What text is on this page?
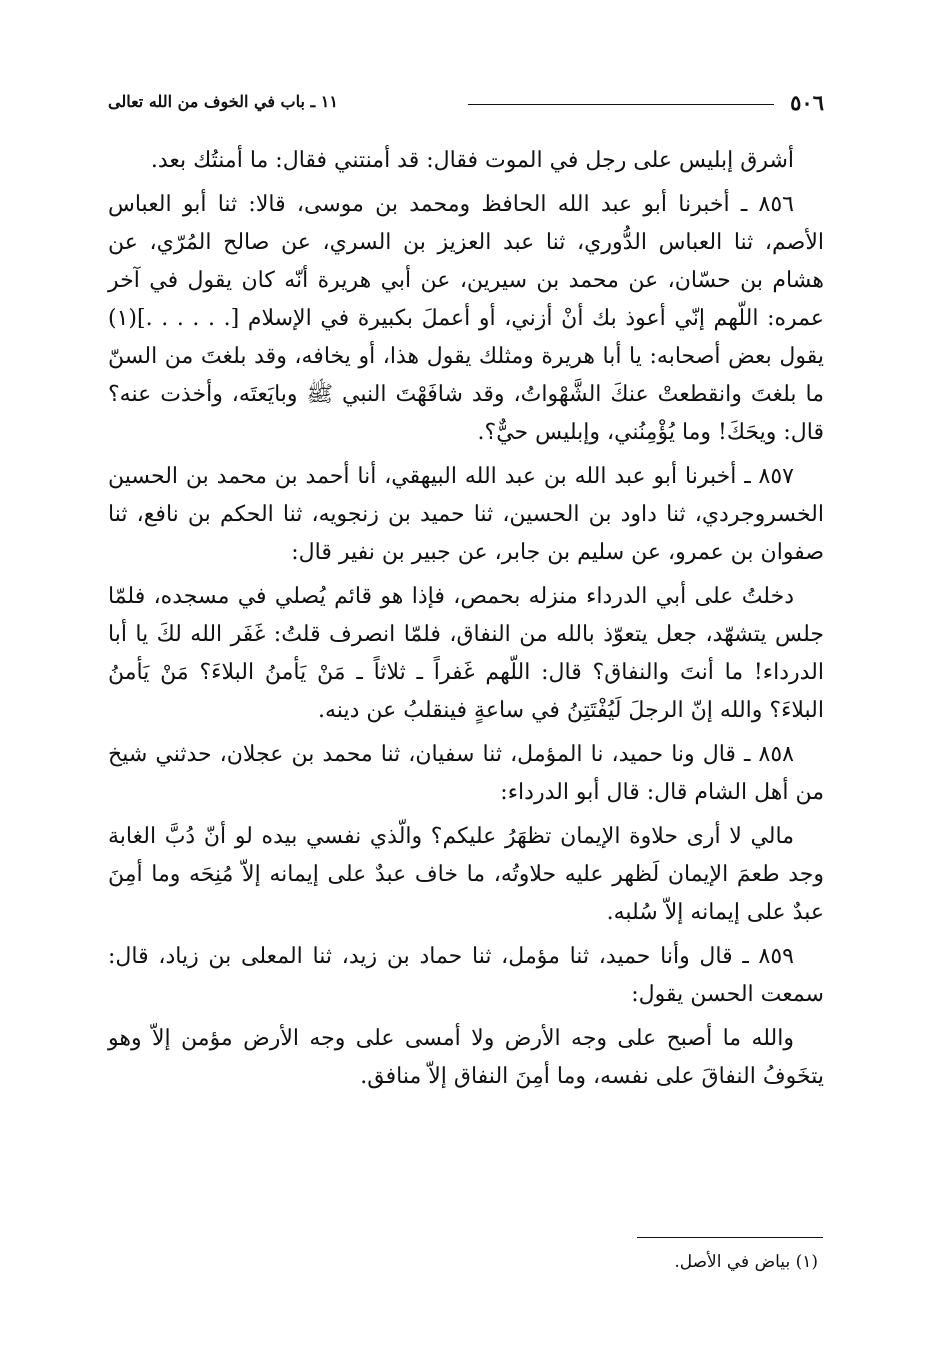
٥٠٦
١١ ـ باب في الخوف من الله تعالى

أشرق إبليس على رجل في الموت فقال: قد أمنتني فقال: ما أمنتُك بعد.

٨٥٦ ـ أخبرنا أبو عبد الله الحافظ ومحمد بن موسى، قالا: ثنا أبو العباس الأصم، ثنا العباس الدُّوري، ثنا عبد العزيز بن السري، عن صالح المُرّي، عن هشام بن حسّان، عن محمد بن سيرين، عن أبي هريرة أنّه كان يقول في آخر عمره: اللّهم إنّي أعوذ بك أنْ أزني، أو أعملَ بكبيرة في الإسلام [. . . . . .](١) يقول بعض أصحابه: يا أبا هريرة ومثلك يقول هذا، أو يخافه، وقد بلغتَ من السنّ ما بلغتَ وانقطعتْ عنكَ الشَّهْواتُ، وقد شافَهْتَ النبي ﷺ وبايَعتَه، وأخذت عنه؟ قال: ويحَكَ! وما يُؤْمِنُني، وإبليس حيٌّ؟.

٨٥٧ ـ أخبرنا أبو عبد الله بن عبد الله البيهقي، أنا أحمد بن محمد بن الحسين الخسروجردي، ثنا داود بن الحسين، ثنا حميد بن زنجويه، ثنا الحكم بن نافع، ثنا صفوان بن عمرو، عن سليم بن جابر، عن جبير بن نفير قال:

دخلتُ على أبي الدرداء منزله بحمص، فإذا هو قائم يُصلي في مسجده، فلمّا جلس يتشهّد، جعل يتعوّذ بالله من النفاق، فلمّا انصرف قلتُ: غَفَر الله لكَ يا أبا الدرداء! ما أنتَ والنفاق؟ قال: اللّهم غَفراً ـ ثلاثاً ـ مَنْ يَأمنُ البلاءَ؟ مَنْ يَأمنُ البلاءَ؟ والله إنّ الرجلَ لَيُفْتَتِنُ في ساعةٍ فينقلبُ عن دينه.

٨٥٨ ـ قال ونا حميد، نا المؤمل، ثنا سفيان، ثنا محمد بن عجلان، حدثني شيخ من أهل الشام قال: قال أبو الدرداء:

مالي لا أرى حلاوة الإيمان تظهَرُ عليكم؟ والّذي نفسي بيده لو أنّ دُبَّ الغابة وجد طعمَ الإيمان لَظهر عليه حلاوتُه، ما خاف عبدٌ على إيمانه إلاّ مُنِحَه وما أمِنَ عبدٌ على إيمانه إلاّ سُلبه.

٨٥٩ ـ قال وأنا حميد، ثنا مؤمل، ثنا حماد بن زيد، ثنا المعلى بن زياد، قال: سمعت الحسن يقول:

والله ما أصبح على وجه الأرض ولا أمسى على وجه الأرض مؤمن إلاّ وهو يتخَوفُ النفاقَ على نفسه، وما أمِنَ النفاق إلاّ منافق.

(١) بياض في الأصل.
